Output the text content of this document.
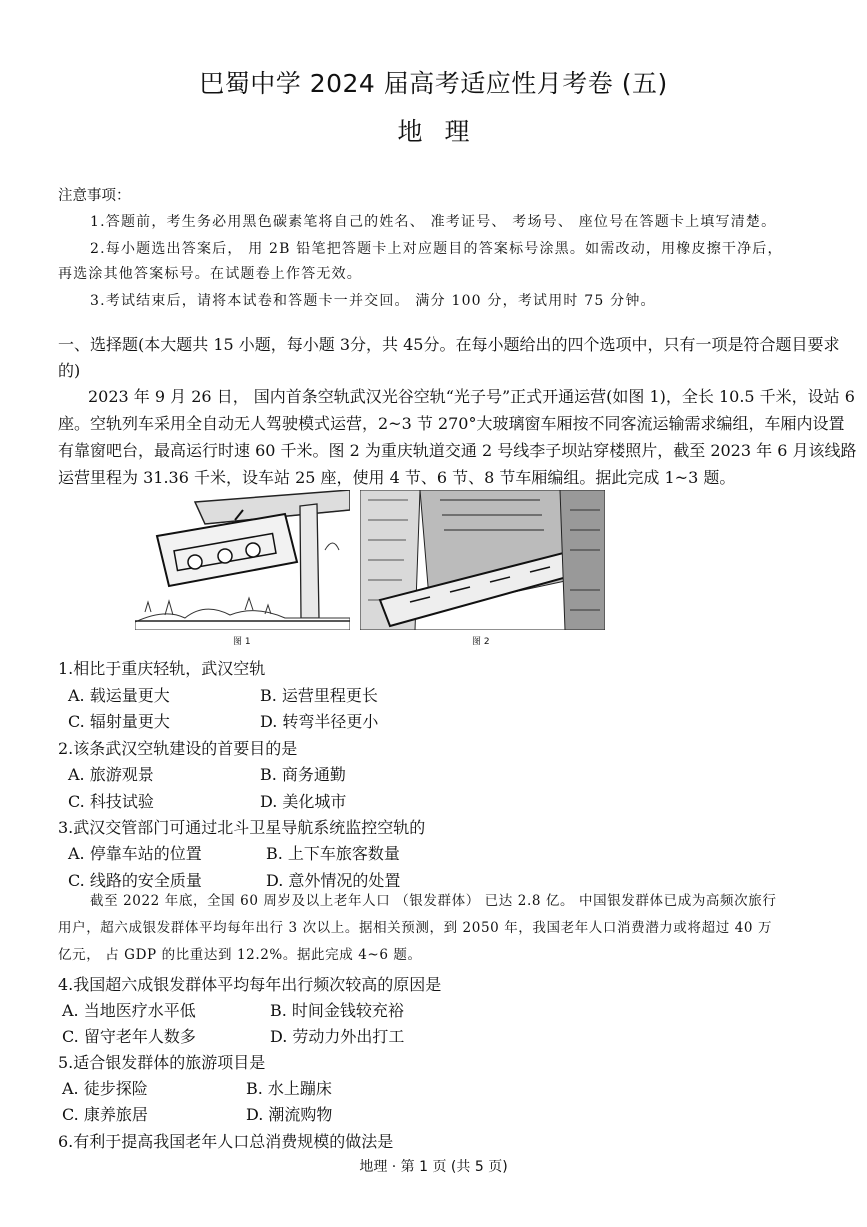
巴蜀中学 2024 届高考适应性月考卷 (五)
地理
注意事项：
1.答题前，考生务必用黑色碳素笔将自己的姓名、 准考证号、 考场号、 座位号在答题卡上填写清楚。
2.每小题选出答案后， 用 2B 铅笔把答题卡上对应题目的答案标号涂黑。如需改动，用橡皮擦干净后，
再选涂其他答案标号。在试题卷上作答无效。
3.考试结束后，请将本试卷和答题卡一并交回。 满分 100 分，考试用时 75 分钟。
一、选择题(本大题共 15 小题，每小题 3分，共 45分。在每小题给出的四个选项中，只有一项是符合题目要求
的)
2023 年 9 月 26 日， 国内首条空轨武汉光谷空轨“光子号”正式开通运营(如图 1)，全长 10.5 千米，设站 6
座。空轨列车采用全自动无人驾驶模式运营，2~3 节 270°大玻璃窗车厢按不同客流运输需求编组，车厢内设置
有靠窗吧台，最高运行时速 60 千米。图 2 为重庆轨道交通 2 号线李子坝站穿楼照片，截至 2023 年 6 月该线路
运营里程为 31.36 千米，设车站 25 座，使用 4 节、6 节、8 节车厢编组。据此完成 1~3 题。
图 1	图 2
1.相比于重庆轻轨，武汉空轨
A. 载运量更大	B. 运营里程更长
C. 辐射量更大	D. 转弯半径更小
2.该条武汉空轨建设的首要目的是
A. 旅游观景	B. 商务通勤
C. 科技试验	D. 美化城市
3.武汉交管部门可通过北斗卫星导航系统监控空轨的
A. 停靠车站的位置	B. 上下车旅客数量
C. 线路的安全质量	D. 意外情况的处置
截至 2022 年底，全国 60 周岁及以上老年人口 （银发群体） 已达 2.8 亿。 中国银发群体已成为高频次旅行
用户，超六成银发群体平均每年出行 3 次以上。据相关预测，到 2050 年，我国老年人口消费潜力或将超过 40 万
亿元， 占 GDP 的比重达到 12.2%。据此完成 4~6 题。
4.我国超六成银发群体平均每年出行频次较高的原因是
A. 当地医疗水平低	B. 时间金钱较充裕
C. 留守老年人数多	D. 劳动力外出打工
5.适合银发群体的旅游项目是
A. 徒步探险	B. 水上蹦床
C. 康养旅居	D. 潮流购物
6.有利于提高我国老年人口总消费规模的做法是
地理 · 第 1 页 (共 5 页)
